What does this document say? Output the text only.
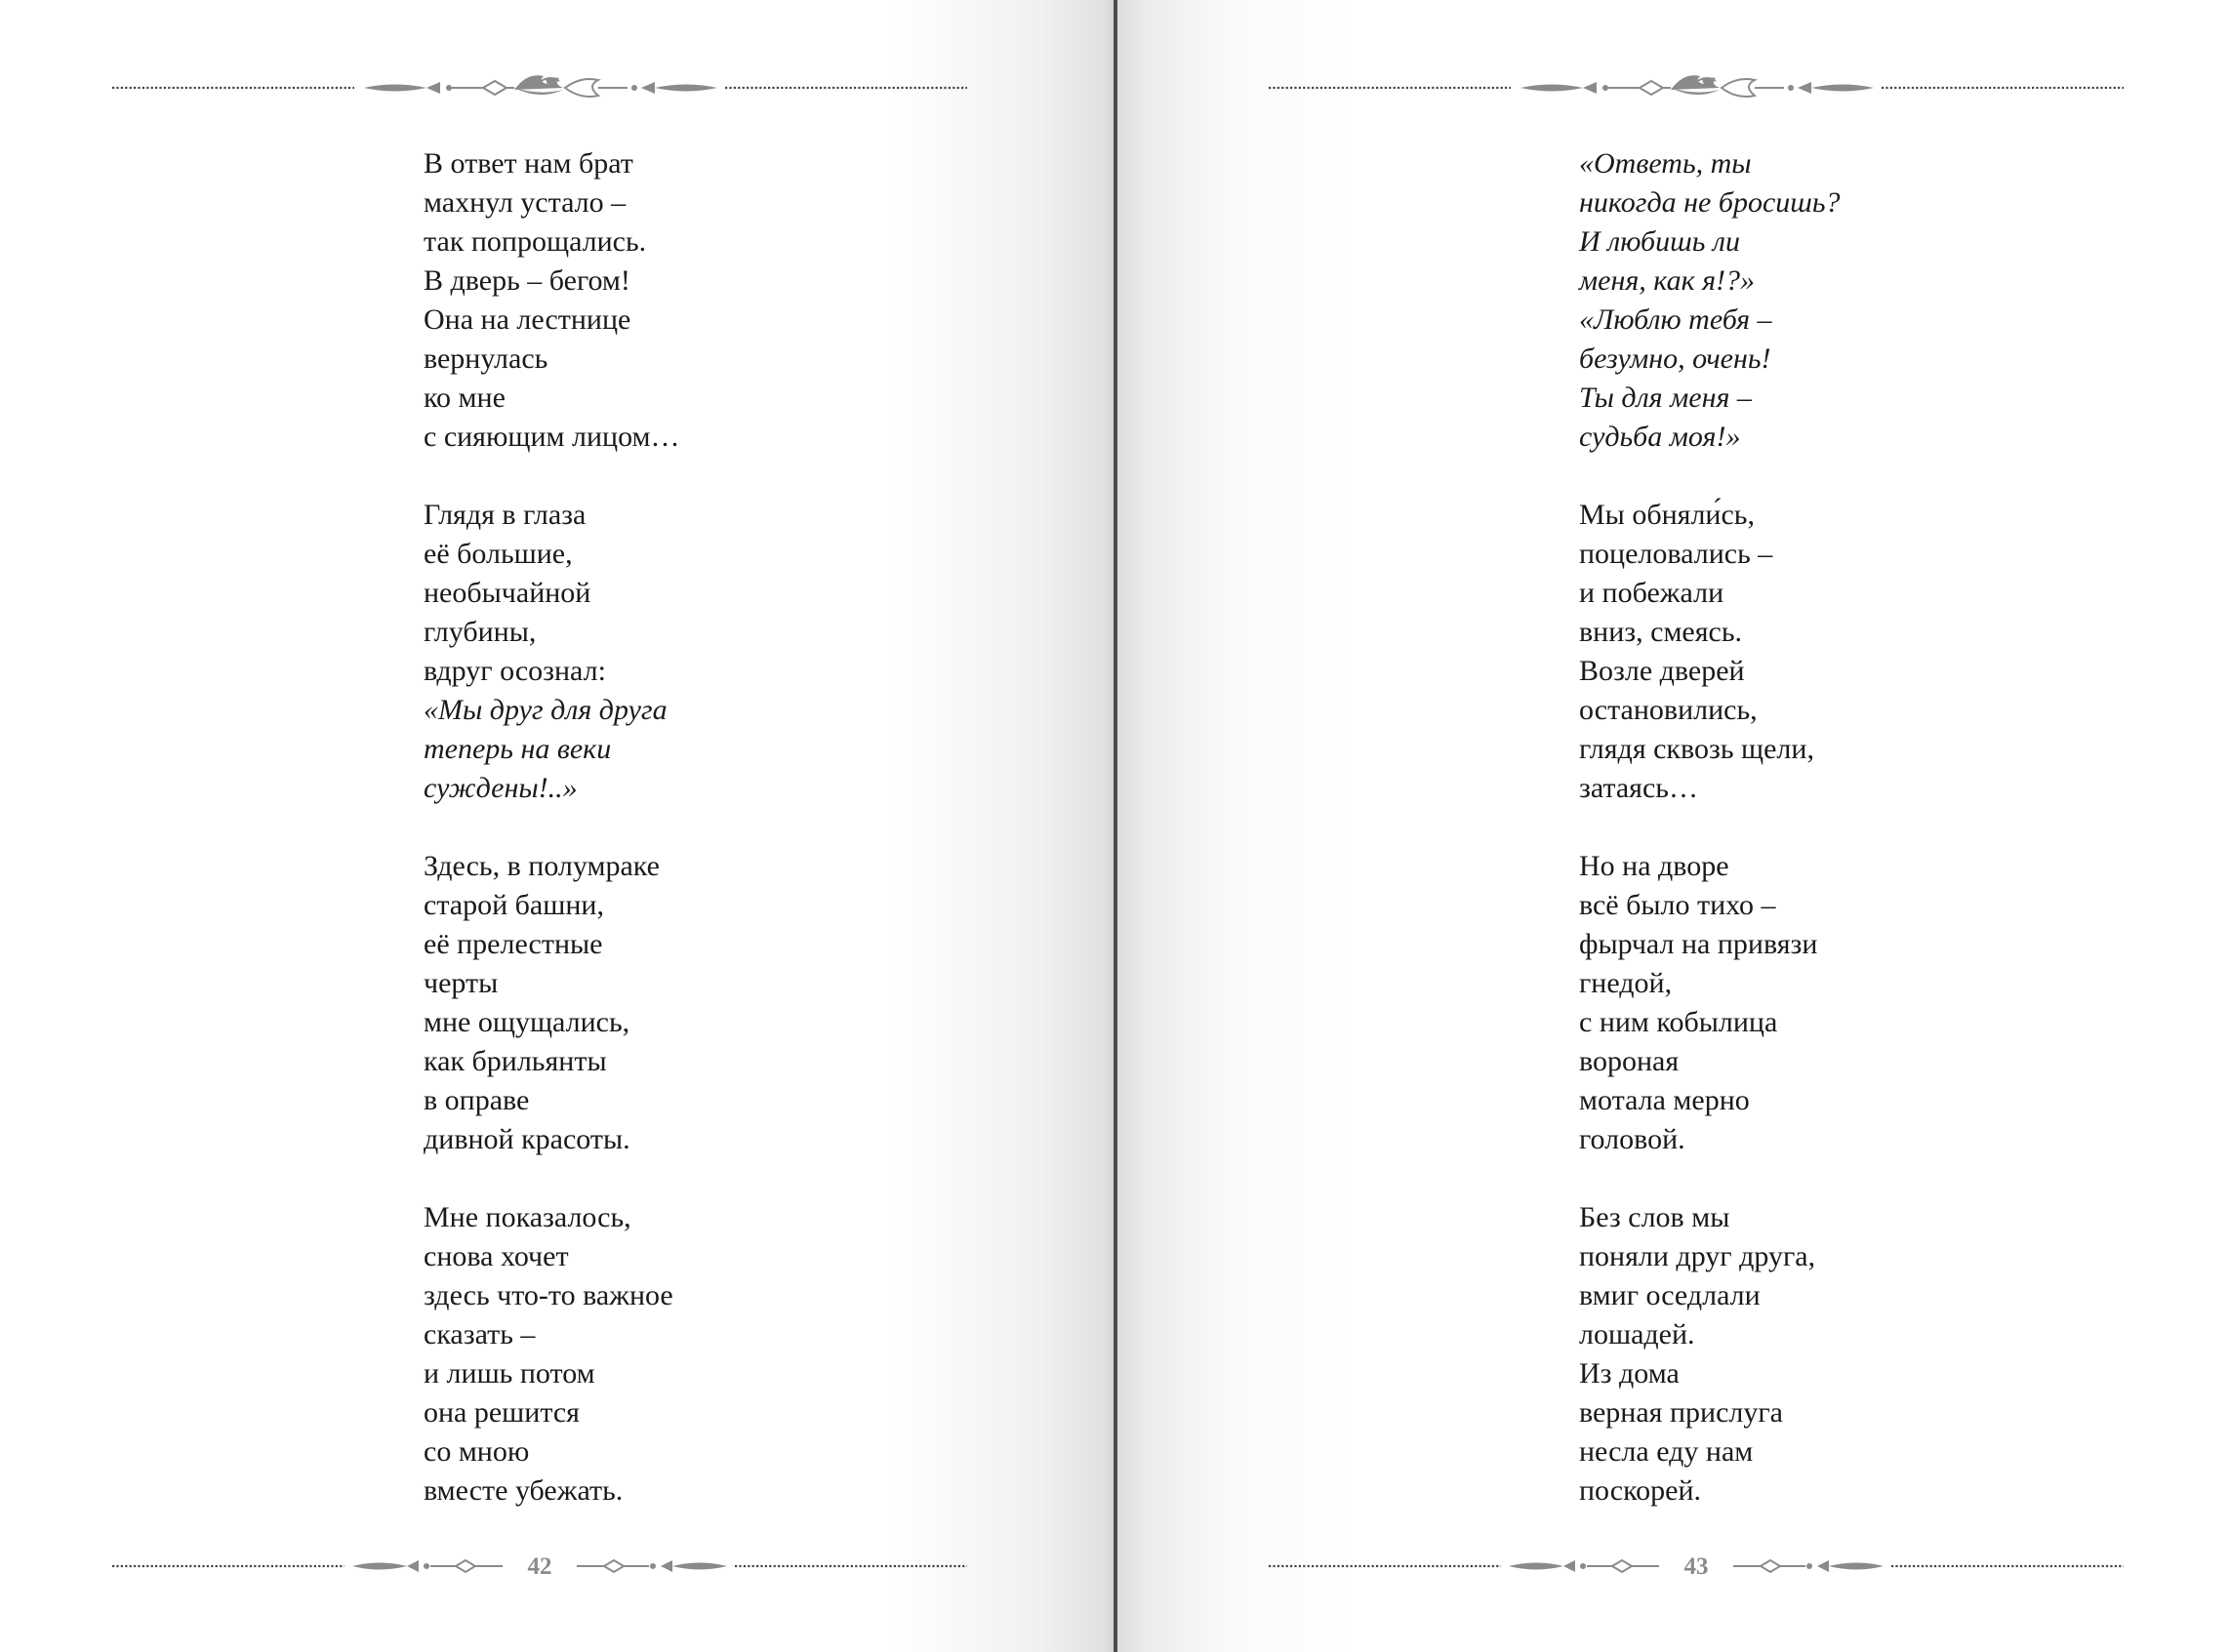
В ответ нам брат
махнул устало –
так попрощались.
В дверь – бегом!
Она на лестнице
вернулась
ко мне
с сияющим лицом…
Глядя в глаза
её большие,
необычайной
глубины,
вдруг осознал:
«Мы друг для друга
теперь на веки
суждены!..»
Здесь, в полумраке
старой башни,
её прелестные
черты
мне ощущались,
как брильянты
в оправе
дивной красоты.
Мне показалось,
снова хочет
здесь что-то важное
сказать –
и лишь потом
она решится
со мною
вместе убежать.
42
«Ответь, ты
никогда не бросишь?
И любишь ли
меня, как я!?»
«Люблю тебя –
безумно, очень!
Ты для меня –
судьба моя!»
Мы обняли́сь,
поцеловались –
и побежали
вниз, смеясь.
Возле дверей
остановились,
глядя сквозь щели,
затаясь…
Но на дворе
всё было тихо –
фырчал на привязи
гнедой,
с ним кобылица
вороная
мотала мерно
головой.
Без слов мы
поняли друг друга,
вмиг оседлали
лошадей.
Из дома
верная прислуга
несла еду нам
поскорей.
43
